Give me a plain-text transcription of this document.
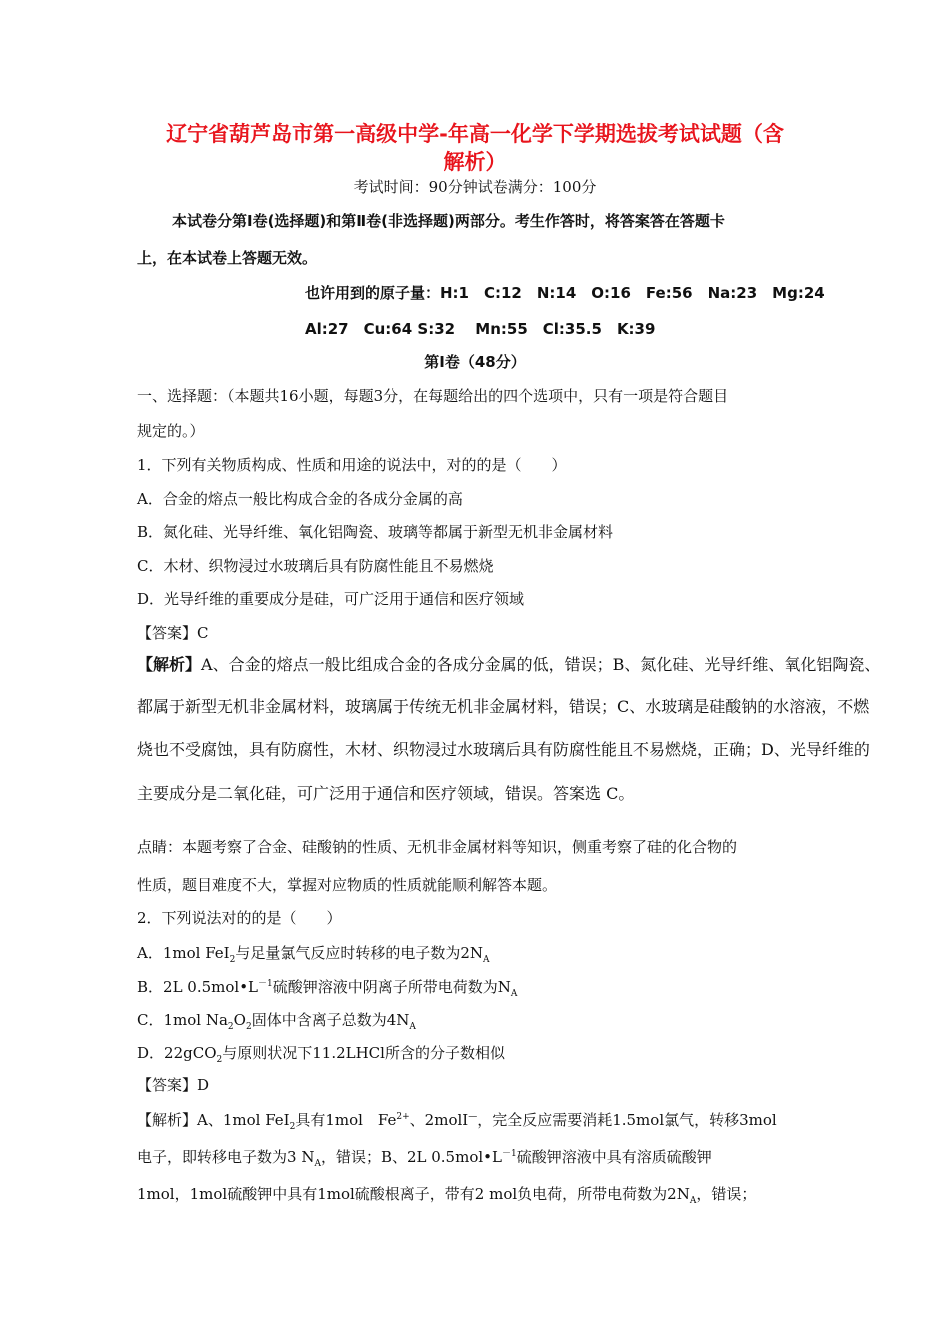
辽宁省葫芦岛市第一高级中学-年高一化学下学期选拔考试试题（含
解析）
考试时间：90分钟试卷满分：100分
本试卷分第Ⅰ卷(选择题)和第Ⅱ卷(非选择题)两部分。考生作答时，将答案答在答题卡
上，在本试卷上答题无效。
也许用到的原子量：H:1　C:12　N:14　O:16　Fe:56　Na:23　Mg:24
Al:27　Cu:64 S:32　 Mn:55　Cl:35.5　K:39
第Ⅰ卷（48分）
一、选择题：（本题共16小题，每题3分，在每题给出的四个选项中，只有一项是符合题目
规定的。）
1．下列有关物质构成、性质和用途的说法中，对的的是（　　）
A．合金的熔点一般比构成合金的各成分金属的高
B．氮化硅、光导纤维、氧化铝陶瓷、玻璃等都属于新型无机非金属材料
C．木材、织物浸过水玻璃后具有防腐性能且不易燃烧
D．光导纤维的重要成分是硅，可广泛用于通信和医疗领域
【答案】C
【解析】A、合金的熔点一般比组成合金的各成分金属的低，错误；B、氮化硅、光导纤维、氧化铝陶瓷、
都属于新型无机非金属材料，玻璃属于传统无机非金属材料，错误；C、水玻璃是硅酸钠的水溶液，不燃
烧也不受腐蚀，具有防腐性，木材、织物浸过水玻璃后具有防腐性能且不易燃烧，正确；D、光导纤维的
主要成分是二氧化硅，可广泛用于通信和医疗领域，错误。答案选 C。
点睛：本题考察了合金、硅酸钠的性质、无机非金属材料等知识，侧重考察了硅的化合物的
性质，题目难度不大，掌握对应物质的性质就能顺利解答本题。
2．下列说法对的的是（　　）
A．1mol FeI$_2$与足量氯气反应时转移的电子数为$2N_A$
B．2L $0.5mol•L^{-1}$硫酸钾溶液中阴离子所带电荷数为$N_A$
C．1mol $Na_2O_2$固体中含离子总数为$4N_A$
D．22gCO$_2$与原则状况下11.2LHCl所含的分子数相似
【答案】D
【解析】A、1mol FeI$_2$具有1mol　$Fe^{2+}$、2molI—，完全反应需要消耗1.5mol氯气，转移3mol
电子，即转移电子数为3 $N_A$，错误；B、2L $0.5mol•L^{-1}$硫酸钾溶液中具有溶质硫酸钾
1mol，1mol硫酸钾中具有1mol硫酸根离子，带有2 mol负电荷，所带电荷数为$2N_A$，错误；
